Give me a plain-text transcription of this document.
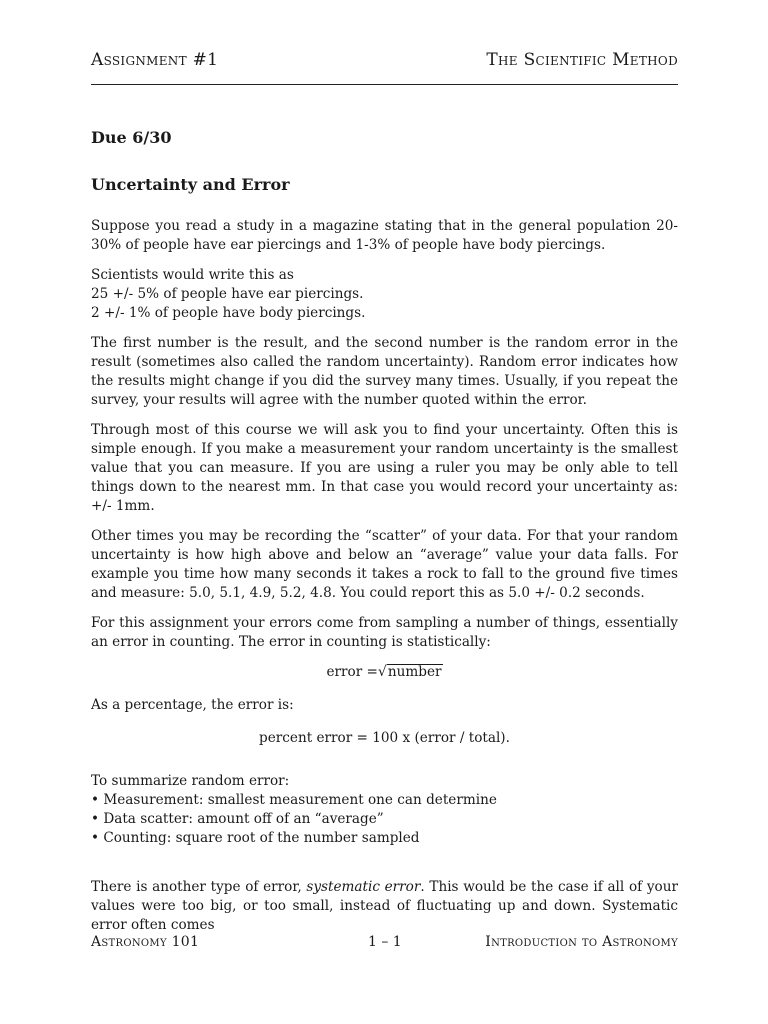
Assignment #1	The Scientific Method
Due 6/30
Uncertainty and Error

Suppose you read a study in a magazine stating that in the general population 20-30% of people have ear piercings and 1-3% of people have body piercings.

Scientists would write this as
25 +/- 5% of people have ear piercings.
2 +/- 1% of people have body piercings.

The first number is the result, and the second number is the random error in the result (sometimes also called the random uncertainty). Random error indicates how the results might change if you did the survey many times. Usually, if you repeat the survey, your results will agree with the number quoted within the error.

Through most of this course we will ask you to find your uncertainty. Often this is simple enough. If you make a measurement your random uncertainty is the smallest value that you can measure. If you are using a ruler you may be only able to tell things down to the nearest mm. In that case you would record your uncertainty as: +/- 1mm.

Other times you may be recording the “scatter” of your data. For that your random uncertainty is how high above and below an “average” value your data falls. For example you time how many seconds it takes a rock to fall to the ground five times and measure: 5.0, 5.1, 4.9, 5.2, 4.8. You could report this as 5.0 +/- 0.2 seconds.

For this assignment your errors come from sampling a number of things, essentially an error in counting. The error in counting is statistically:

error =√number

As a percentage, the error is:

percent error = 100 x (error / total).

To summarize random error:
• Measurement: smallest measurement one can determine
• Data scatter: amount off of an “average”
• Counting: square root of the number sampled

There is another type of error, systematic error. This would be the case if all of your values were too big, or too small, instead of fluctuating up and down. Systematic error often comes

Astronomy 101	1 – 1	Introduction to Astronomy
